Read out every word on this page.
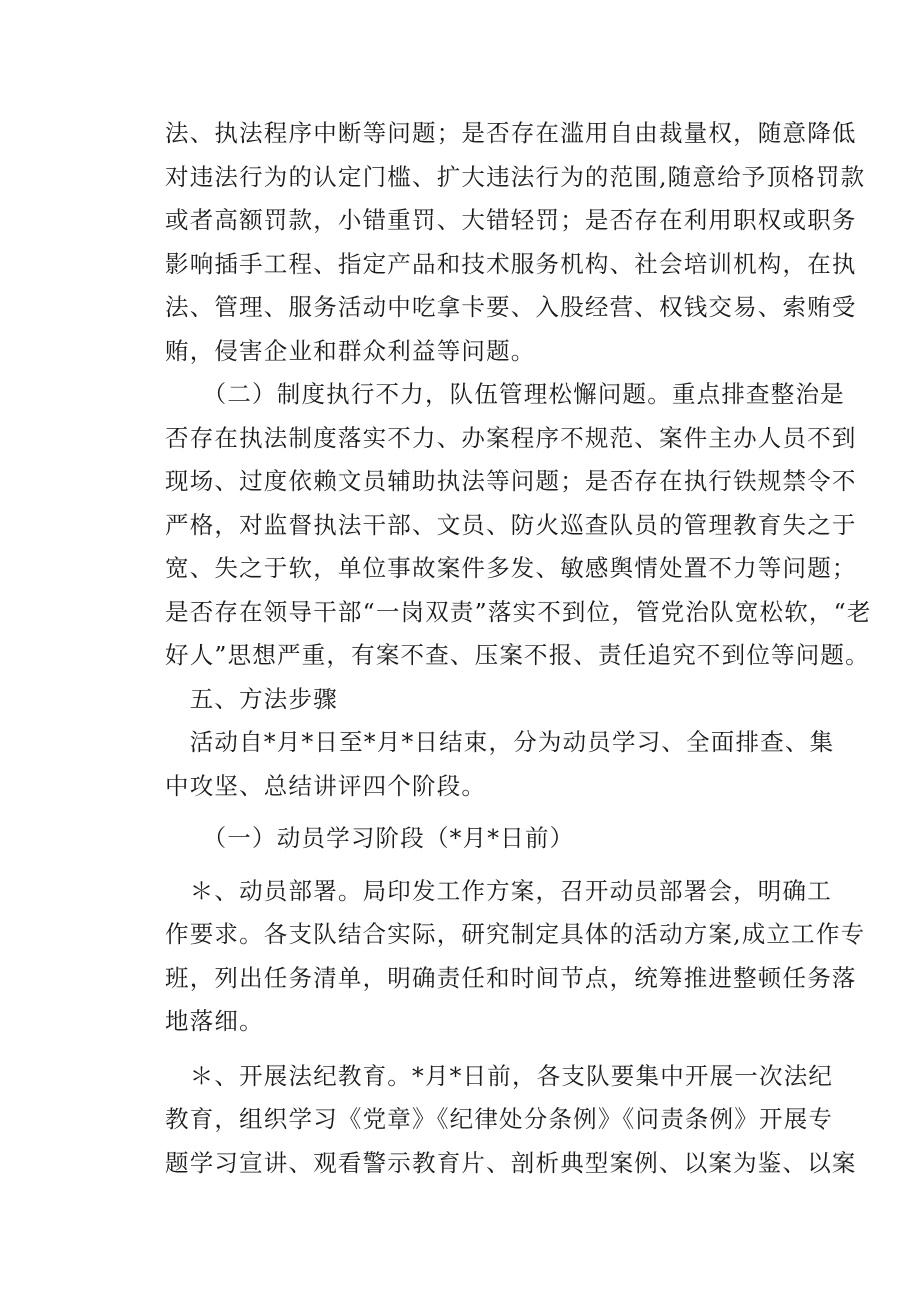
法、执法程序中断等问题；是否存在滥用自由裁量权，随意降低
对违法行为的认定门槛、扩大违法行为的范围,随意给予顶格罚款
或者高额罚款，小错重罚、大错轻罚；是否存在利用职权或职务
影响插手工程、指定产品和技术服务机构、社会培训机构，在执
法、管理、服务活动中吃拿卡要、入股经营、权钱交易、索贿受
贿，侵害企业和群众利益等问题。
　　（二）制度执行不力，队伍管理松懈问题。重点排查整治是
否存在执法制度落实不力、办案程序不规范、案件主办人员不到
现场、过度依赖文员辅助执法等问题；是否存在执行铁规禁令不
严格，对监督执法干部、文员、防火巡查队员的管理教育失之于
宽、失之于软，单位事故案件多发、敏感舆情处置不力等问题；
是否存在领导干部“一岗双责”落实不到位，管党治队宽松软，“老
好人”思想严重，有案不查、压案不报、责任追究不到位等问题。
　五、方法步骤
　活动自*月*日至*月*日结束，分为动员学习、全面排查、集
中攻坚、总结讲评四个阶段。
　　（一）动员学习阶段（*月*日前）
　＊、动员部署。局印发工作方案，召开动员部署会，明确工
作要求。各支队结合实际，研究制定具体的活动方案,成立工作专
班，列出任务清单，明确责任和时间节点，统筹推进整顿任务落
地落细。
　＊、开展法纪教育。*月*日前，各支队要集中开展一次法纪
教育，组织学习《党章》《纪律处分条例》《问责条例》开展专
题学习宣讲、观看警示教育片、剖析典型案例、以案为鉴、以案
